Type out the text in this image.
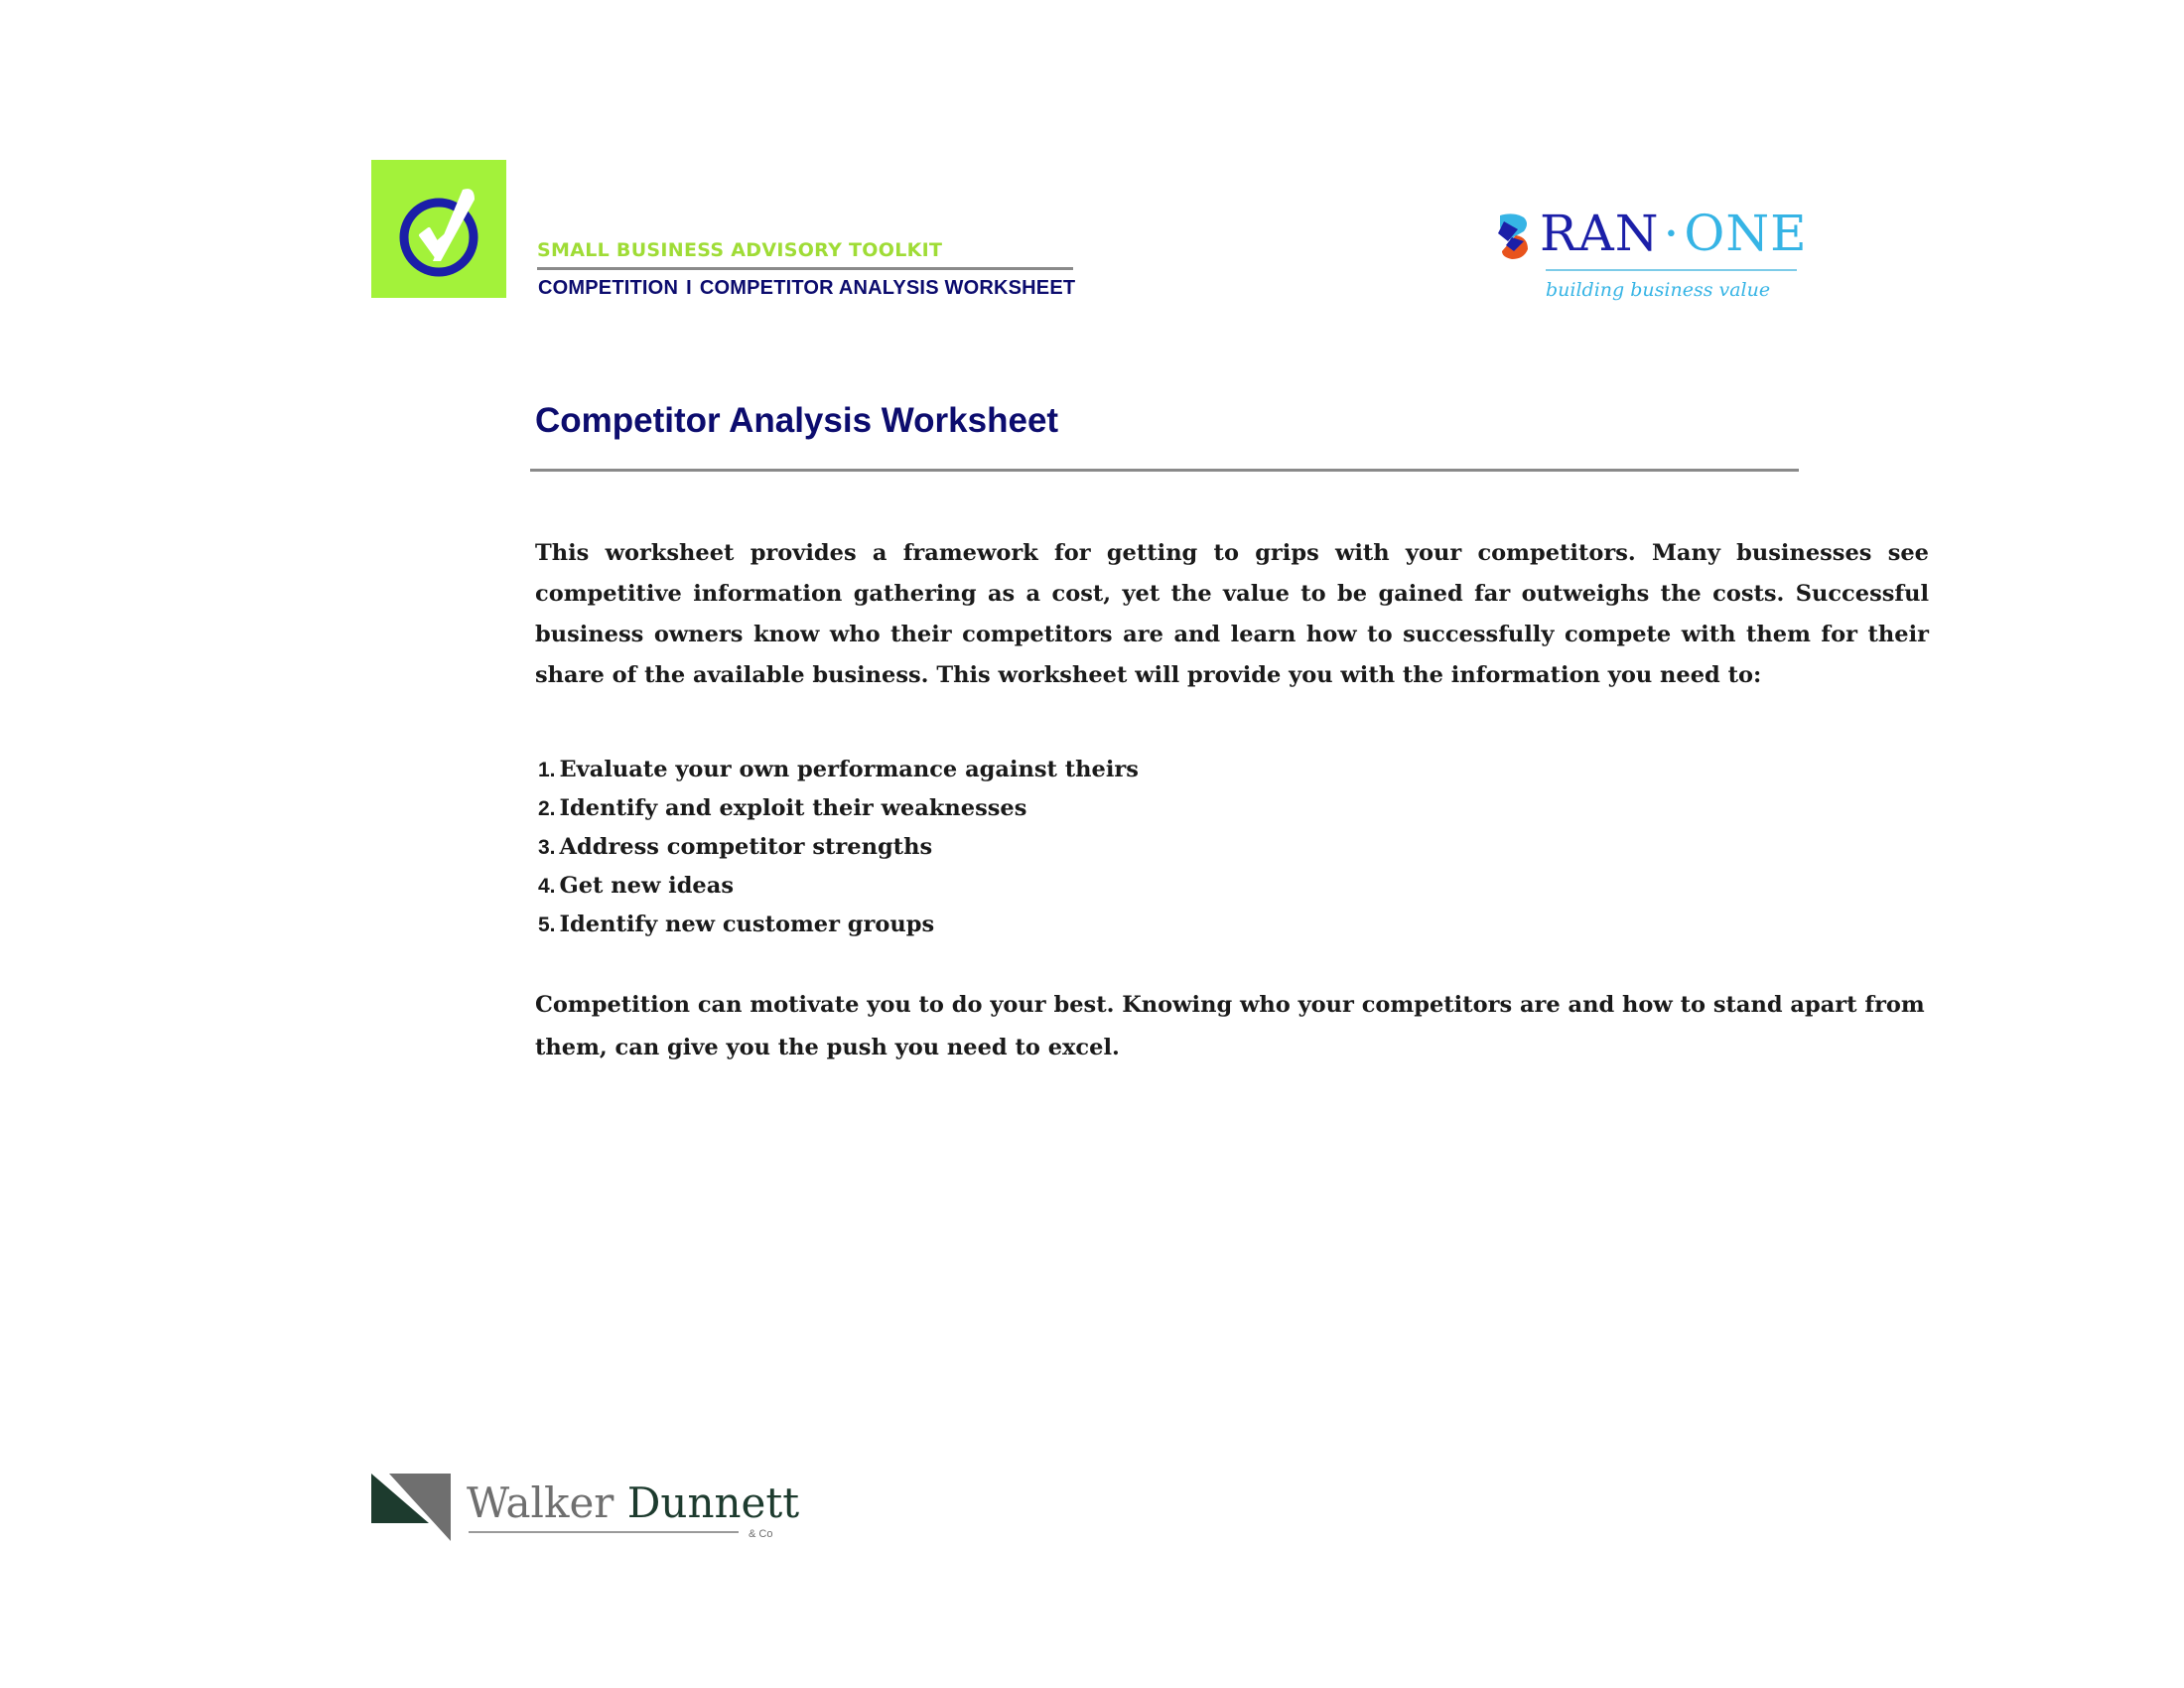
SMALL BUSINESS ADVISORY TOOLKIT
COMPETITION I COMPETITOR ANALYSIS WORKSHEET
RAN·ONE
building business value
Competitor Analysis Worksheet

This worksheet provides a framework for getting to grips with your competitors. Many businesses see competitive information gathering as a cost, yet the value to be gained far outweighs the costs. Successful business owners know who their competitors are and learn how to successfully compete with them for their share of the available business. This worksheet will provide you with the information you need to:

1. Evaluate your own performance against theirs
2. Identify and exploit their weaknesses
3. Address competitor strengths
4. Get new ideas
5. Identify new customer groups

Competition can motivate you to do your best. Knowing who your competitors are and how to stand apart from them, can give you the push you need to excel.

Walker Dunnett
& Co
